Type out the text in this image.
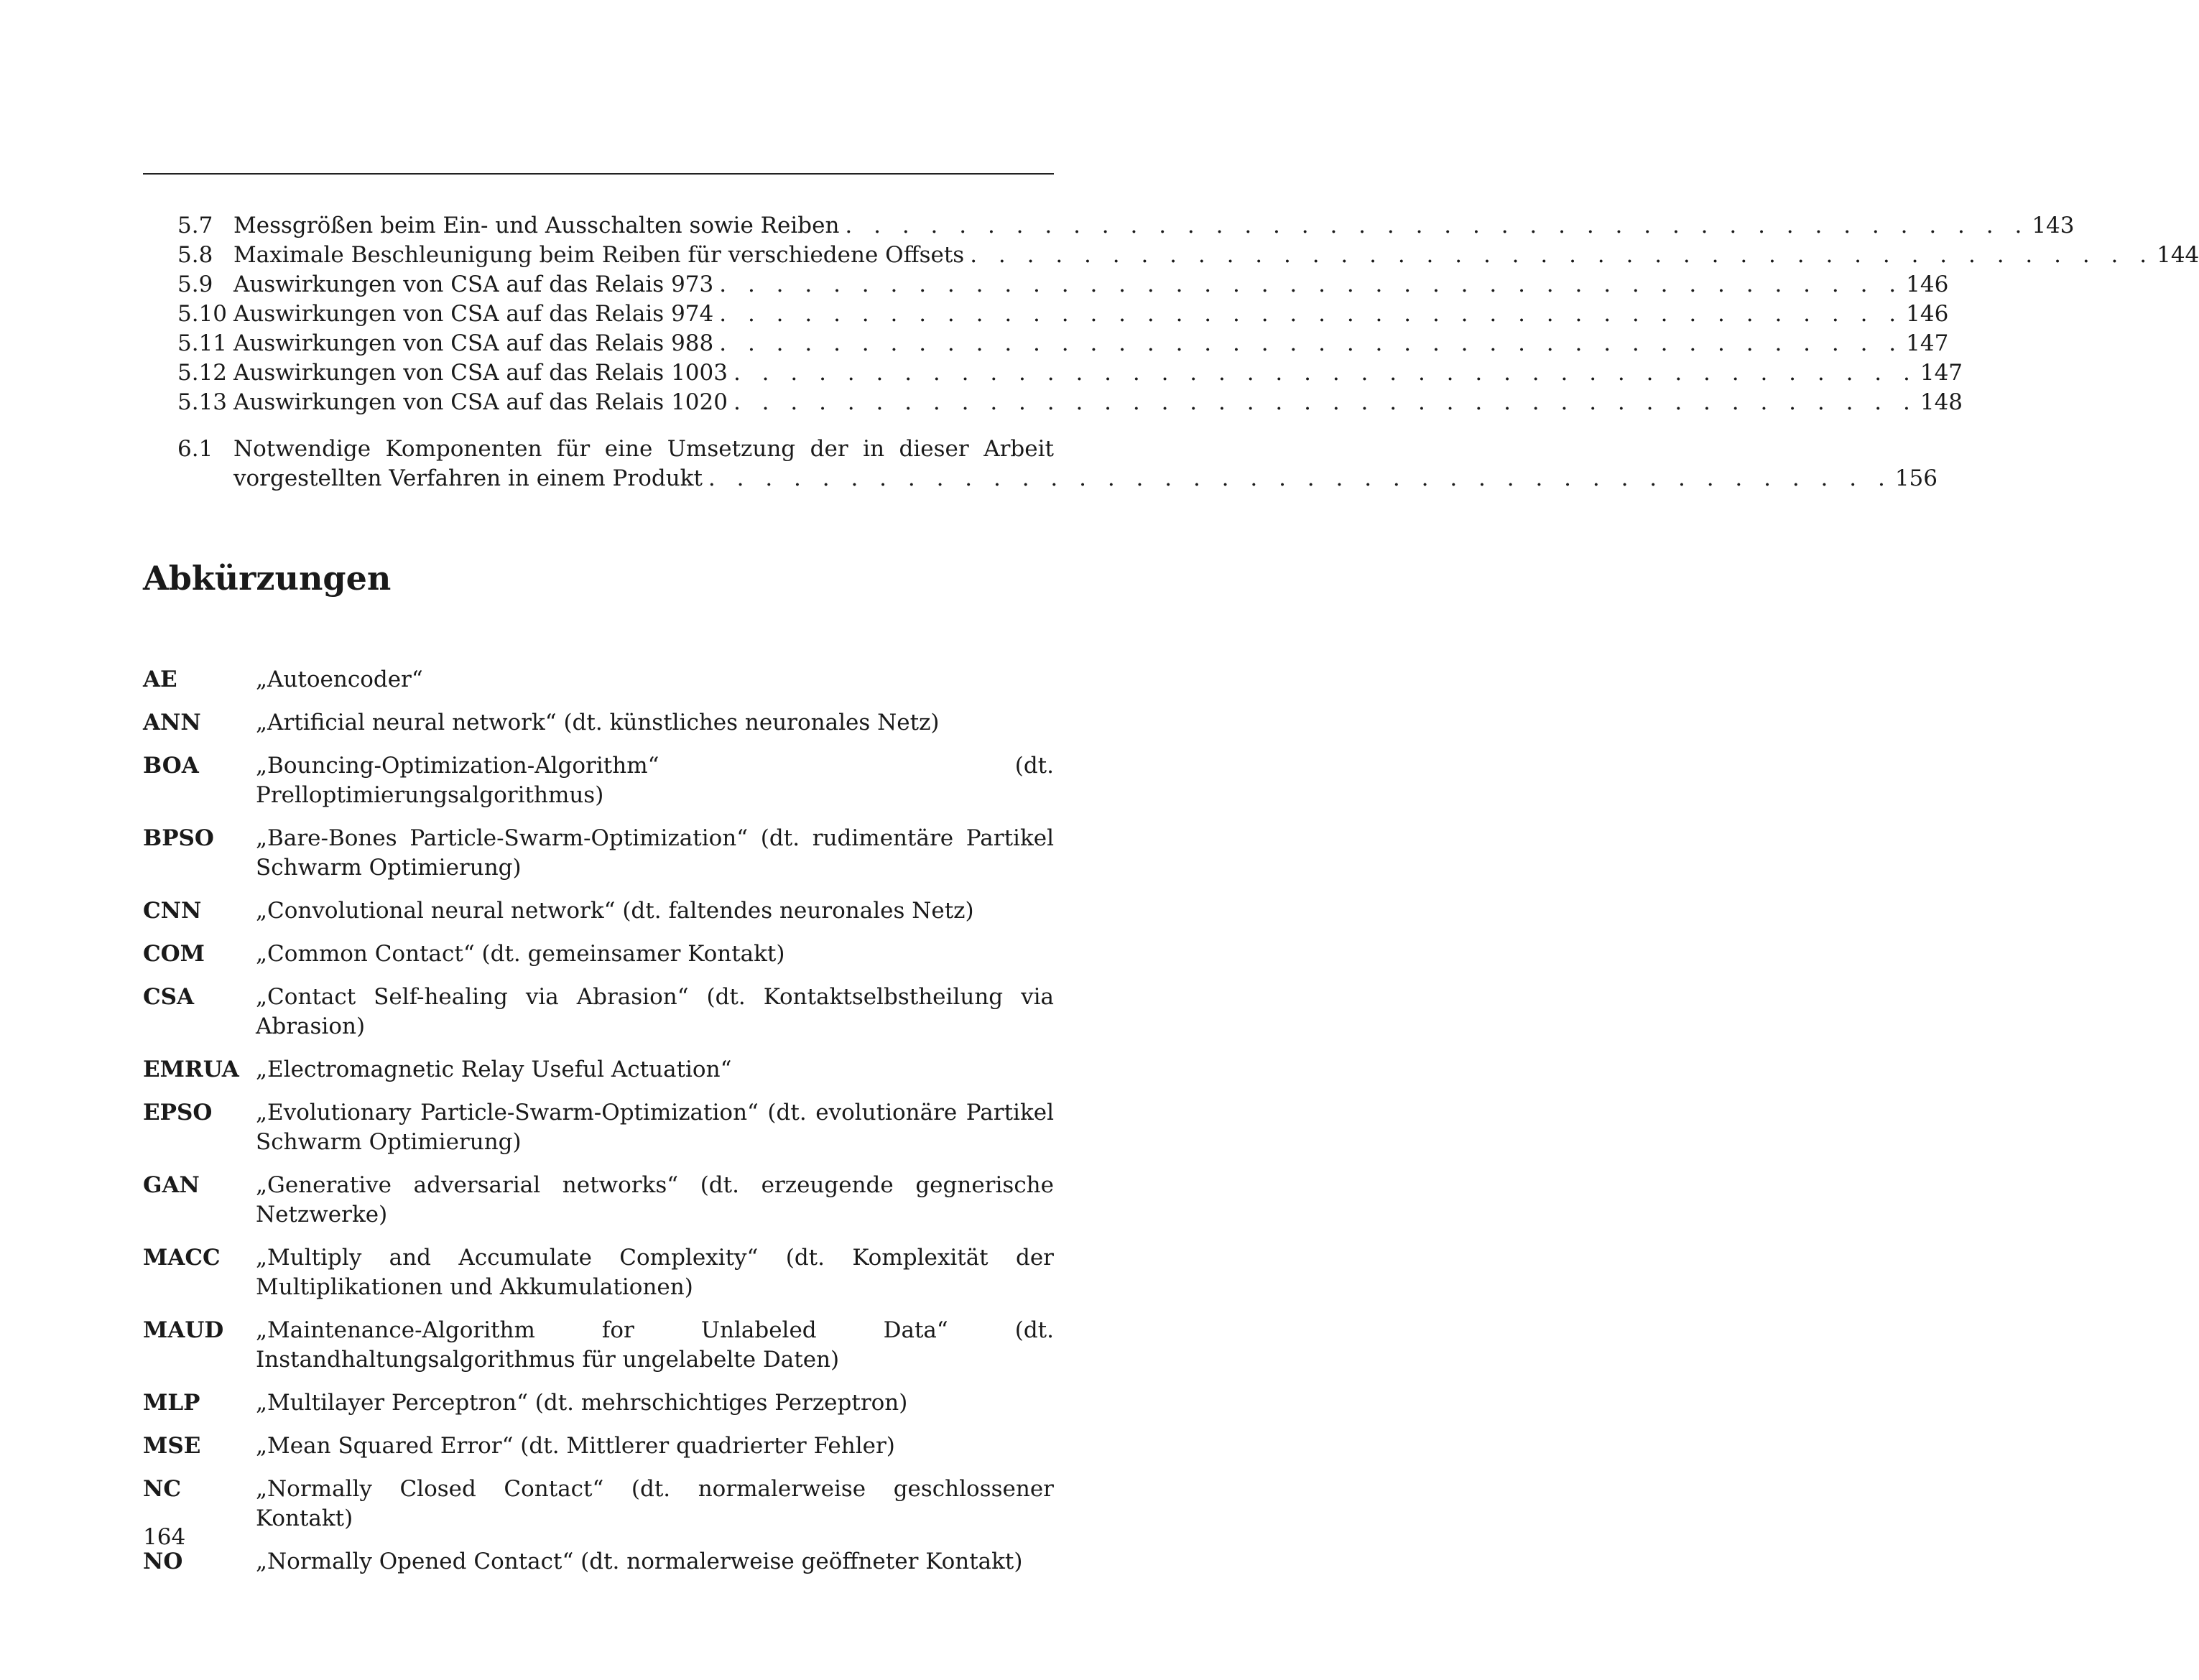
5.7 Messgrößen beim Ein- und Ausschalten sowie Reiben . . . . . . . . . . . . . . . . . . . . . . . . . . . . . . . . . . . . . . . . . . 143
5.8 Maximale Beschleunigung beim Reiben für verschiedene Offsets . . . . . . . . . . . . . . . . . . . . . . . . . . . . . . . . . . . . . . . . . . 144
5.9 Auswirkungen von CSA auf das Relais 973 . . . . . . . . . . . . . . . . . . . . . . . . . . . . . . . . . . . . . . . . . . 146
5.10 Auswirkungen von CSA auf das Relais 974 . . . . . . . . . . . . . . . . . . . . . . . . . . . . . . . . . . . . . . . . . . 146
5.11 Auswirkungen von CSA auf das Relais 988 . . . . . . . . . . . . . . . . . . . . . . . . . . . . . . . . . . . . . . . . . . 147
5.12 Auswirkungen von CSA auf das Relais 1003 . . . . . . . . . . . . . . . . . . . . . . . . . . . . . . . . . . . . . . . . . . 147
5.13 Auswirkungen von CSA auf das Relais 1020 . . . . . . . . . . . . . . . . . . . . . . . . . . . . . . . . . . . . . . . . . . 148
6.1 Notwendige Komponenten für eine Umsetzung der in dieser Arbeit
vorgestellten Verfahren in einem Produkt . . . . . . . . . . . . . . . . . . . . . . . . . . . . . . . . . . . . . . . . . . 156
Abkürzungen
AE	„Autoencoder“
ANN	„Artificial neural network“ (dt. künstliches neuronales Netz)
BOA	„Bouncing-Optimization-Algorithm“ (dt. Prelloptimierungsalgorithmus)
BPSO	„Bare-Bones Particle-Swarm-Optimization“ (dt. rudimentäre Partikel Schwarm Optimierung)
CNN	„Convolutional neural network“ (dt. faltendes neuronales Netz)
COM	„Common Contact“ (dt. gemeinsamer Kontakt)
CSA	„Contact Self-healing via Abrasion“ (dt. Kontaktselbstheilung via Abrasion)
EMRUA „Electromagnetic Relay Useful Actuation“
EPSO	„Evolutionary Particle-Swarm-Optimization“ (dt. evolutionäre Partikel Schwarm Optimierung)
GAN	„Generative adversarial networks“ (dt. erzeugende gegnerische Netzwerke)
MACC	„Multiply and Accumulate Complexity“ (dt. Komplexität der Multiplikationen und Akkumulationen)
MAUD	„Maintenance-Algorithm for Unlabeled Data“ (dt. Instandhaltungsalgorithmus für ungelabelte Daten)
MLP	„Multilayer Perceptron“ (dt. mehrschichtiges Perzeptron)
MSE	„Mean Squared Error“ (dt. Mittlerer quadrierter Fehler)
NC	„Normally Closed Contact“ (dt. normalerweise geschlossener Kontakt)
NO	„Normally Opened Contact“ (dt. normalerweise geöffneter Kontakt)
164
